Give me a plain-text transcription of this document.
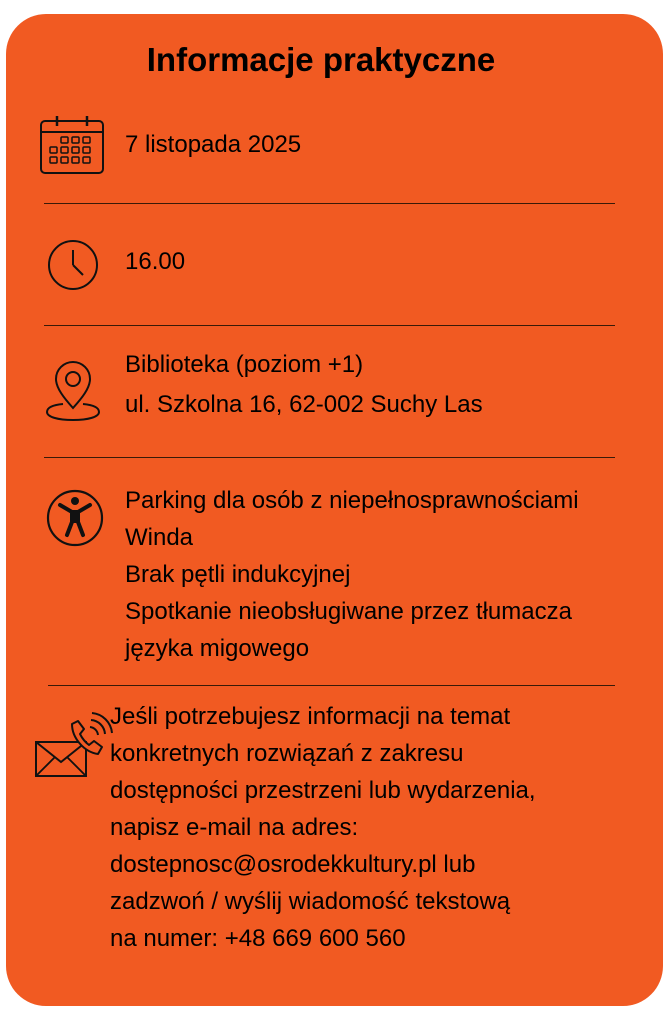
Informacje praktyczne
7 listopada 2025
16.00
Biblioteka (poziom +1)
ul. Szkolna 16, 62-002 Suchy Las
Parking dla osób z niepełnosprawnościami
Winda
Brak pętli indukcyjnej
Spotkanie nieobsługiwane przez tłumacza
języka migowego
Jeśli potrzebujesz informacji na temat
konkretnych rozwiązań z zakresu
dostępności przestrzeni lub wydarzenia,
napisz e-mail na adres:
dostepnosc@osrodekkultury.pl lub
zadzwoń / wyślij wiadomość tekstową
na numer: +48 669 600 560
